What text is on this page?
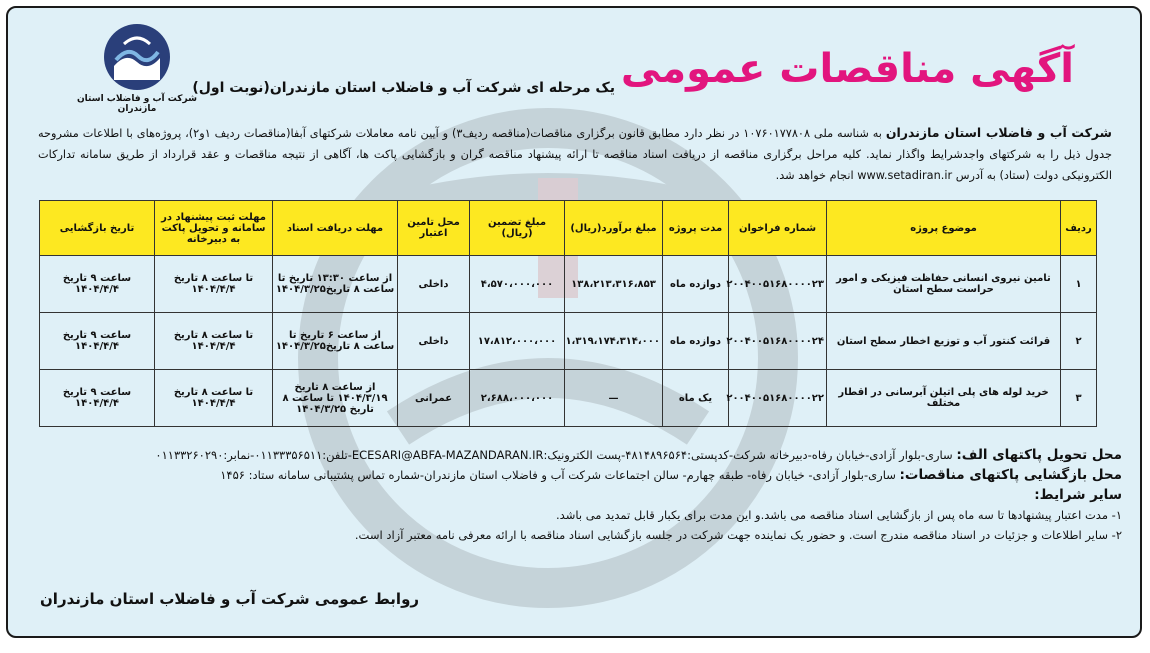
شرکت آب و فاضلاب استان مازندران
آگهی مناقصات عمومی
یک مرحله ای شرکت آب و فاضلاب استان مازندران(نوبت اول)
شرکت آب و فاضلاب استان مازندران به شناسه ملی ۱۰۷۶۰۱۷۷۸۰۸ در نظر دارد مطابق قانون برگزاری مناقصات(مناقصه ردیف۳) و آیین نامه معاملات شرکتهای آبفا(مناقصات ردیف ۱و۲)، پروژه‌های با اطلاعات مشروحه جدول ذیل را به شرکتهای واجدشرایط واگذار نماید. کلیه مراحل برگزاری مناقصه از دریافت اسناد مناقصه تا ارائه پیشنهاد مناقصه گران و بازگشایی پاکت ها، آگاهی از نتیجه مناقصات و عقد قرارداد از طریق سامانه تدارکات الکترونیکی دولت (ستاد) به آدرس www.setadiran.ir انجام خواهد شد.
ردیف	موضوع پروژه	شماره فراخوان	مدت پروژه	مبلغ برآورد(ریال)	مبلغ تضمین (ریال)	محل تامین اعتبار	مهلت دریافت اسناد	مهلت ثبت پیشنهاد در سامانه و تحویل پاکت به دبیرخانه	تاریخ بازگشایی
۱	تامین نیروی انسانی حفاظت فیزیکی و امور حراست سطح استان	۲۰۰۴۰۰۵۱۶۸۰۰۰۰۲۳	دوازده ماه	۱۳۸،۲۱۳،۳۱۶،۸۵۳	۴،۵۷۰،۰۰۰،۰۰۰	داخلی	از ساعت ۱۳:۳۰ تاریخ تا ساعت ۸ تاریخ۱۴۰۴/۳/۲۵	تا ساعت ۸ تاریخ ۱۴۰۴/۴/۴	ساعت ۹ تاریخ ۱۴۰۴/۴/۴
۲	قرائت کنتور آب و توزیع اخطار سطح استان	۲۰۰۴۰۰۵۱۶۸۰۰۰۰۲۴	دوازده ماه	۱،۳۱۹،۱۷۴،۳۱۴،۰۰۰	۱۷،۸۱۲،۰۰۰،۰۰۰	داخلی	از ساعت ۶ تاریخ تا ساعت ۸ تاریخ۱۴۰۴/۳/۲۵	تا ساعت ۸ تاریخ ۱۴۰۴/۴/۴	ساعت ۹ تاریخ ۱۴۰۴/۴/۴
۳	خرید لوله های پلی اتیلن آبرسانی در اقطار مختلف	۲۰۰۴۰۰۵۱۶۸۰۰۰۰۲۲	یک ماه	—	۲،۶۸۸،۰۰۰،۰۰۰	عمرانی	از ساعت ۸ تاریخ ۱۴۰۴/۳/۱۹ تا ساعت ۸ تاریخ ۱۴۰۴/۳/۲۵	تا ساعت ۸ تاریخ ۱۴۰۴/۴/۴	ساعت ۹ تاریخ ۱۴۰۴/۴/۴
محل تحویل پاکتهای الف: ساری-بلوار آزادی-خیابان رفاه-دبیرخانه شرکت-کدپستی:۴۸۱۴۸۹۶۵۶۴-پست الکترونیک:ECESARI@ABFA-MAZANDARAN.IR-تلفن:۰۱۱۳۳۳۵۶۵۱۱-نمابر:۰۱۱۳۳۲۶۰۲۹۰
محل بازگشایی پاکتهای مناقصات: ساری-بلوار آزادی- خیابان رفاه- طبقه چهارم- سالن اجتماعات شرکت آب و فاضلاب استان مازندران-شماره تماس پشتیبانی سامانه ستاد: ۱۴۵۶
سایر شرایط:
۱- مدت اعتبار پیشنهادها تا سه ماه پس از بازگشایی اسناد مناقصه می باشد.و این مدت برای یکبار قابل تمدید می باشد.
۲- سایر اطلاعات و جزئیات در اسناد مناقصه مندرج است. و حضور یک نماینده جهت شرکت در جلسه بازگشایی اسناد مناقصه با ارائه معرفی نامه معتبر آزاد است.
روابط عمومی شرکت آب و فاضلاب استان مازندران
